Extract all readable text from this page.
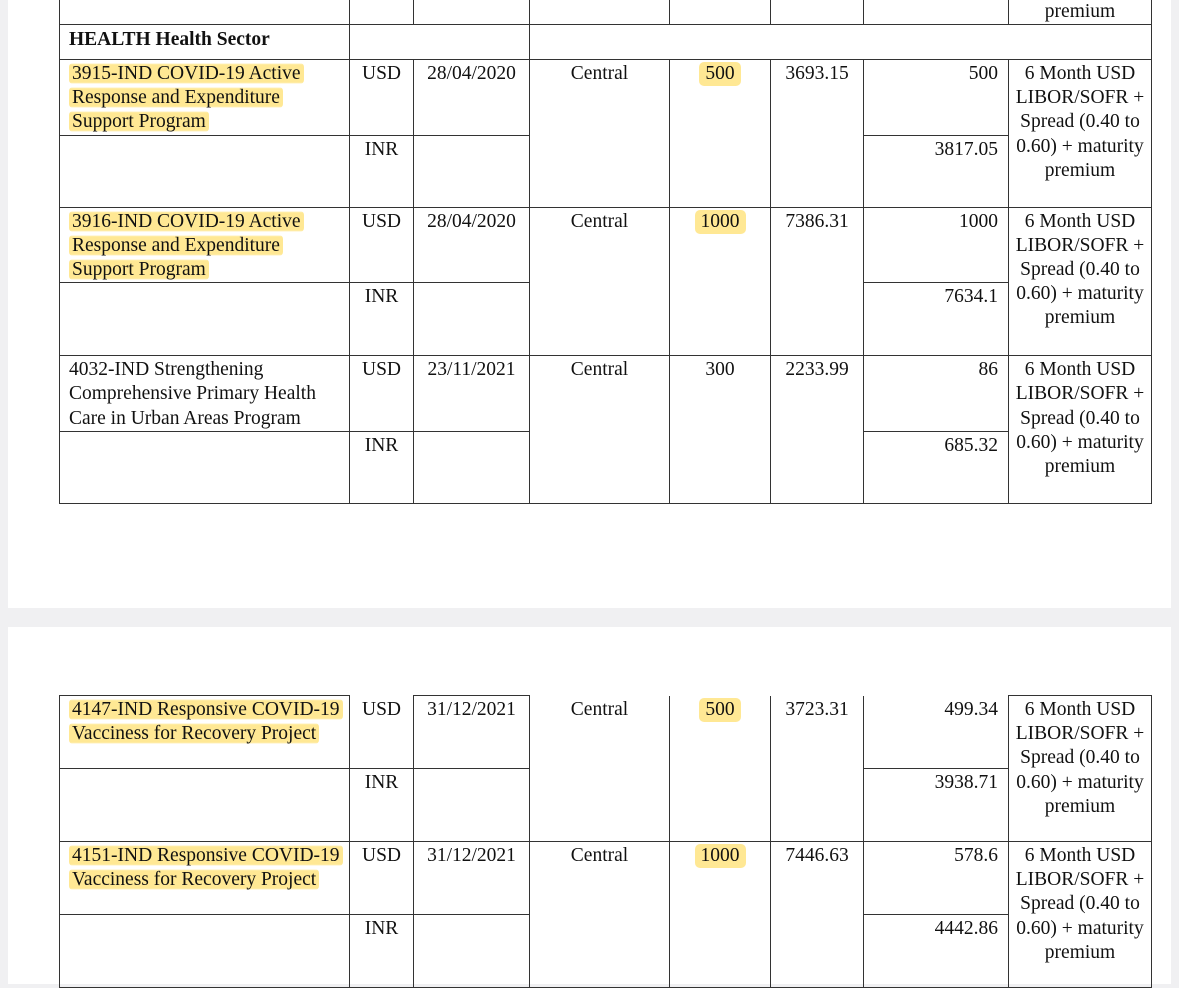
							premium
HEALTH Health Sector							
3915-IND COVID-19 Active Response and Expenditure Support Program	USD	28/04/2020	Central	500	3693.15	500	6 Month USD LIBOR/SOFR + Spread (0.40 to 0.60) + maturity premium
	INR					3817.05	
3916-IND COVID-19 Active Response and Expenditure Support Program	USD	28/04/2020	Central	1000	7386.31	1000	6 Month USD LIBOR/SOFR + Spread (0.40 to 0.60) + maturity premium
	INR					7634.1	
4032-IND Strengthening Comprehensive Primary Health Care in Urban Areas Program	USD	23/11/2021	Central	300	2233.99	86	6 Month USD LIBOR/SOFR + Spread (0.40 to 0.60) + maturity premium
	INR					685.32	
4147-IND Responsive COVID-19 Vacciness for Recovery Project	USD	31/12/2021	Central	500	3723.31	499.34	6 Month USD LIBOR/SOFR + Spread (0.40 to 0.60) + maturity premium
	INR					3938.71	
4151-IND Responsive COVID-19 Vacciness for Recovery Project	USD	31/12/2021	Central	1000	7446.63	578.6	6 Month USD LIBOR/SOFR + Spread (0.40 to 0.60) + maturity premium
	INR					4442.86	
